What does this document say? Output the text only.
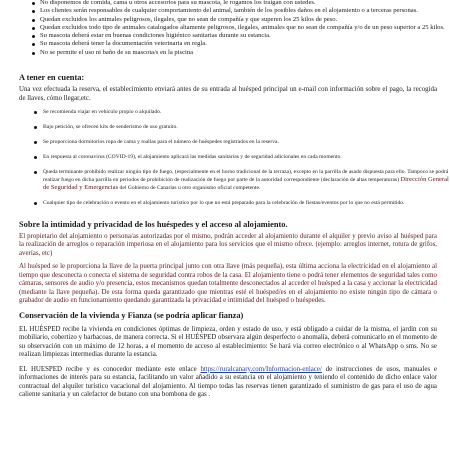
No disponemos de comida, cama u otros accesorios para su mascota, le rogamos los traigan con ustedes.
Los clientes serán responsables de cualquier comportamiento del animal, también de los posibles daños en el alojamiento o a terceras personas.
Quedan excluidos los animales peligrosos, ilegales, que no sean de compañía y que superen los 25 kilos de peso.
Quedan excluidos todo tipo de animales catalogados altamente peligrosos, ilegales, animales que no sean de compañía y/o de un peso superior a 25 kilos.
Su mascota deberá estar en buenas condiciones higiénico sanitarias durante su estancia.
Su mascota deberá tener la documentación veterinaria en regla.
No se permite el uso ni baño de su mascota/s en la piscina
A tener en cuenta:

Una vez efectuada la reserva, el establecimiento enviará antes de su entrada al huésped principal un e-mail con información sobre el pago, la recogida de llaves, cómo llegar,etc.

Se recomienda viajar en vehículo propio o alquilado.
Bajo petición, se ofrecen kits de senderismo de uso gratuito.
Se proporciona dormitorios ropa de cama y toallas para el número de huéspedes registrados en la reserva.
En respuesta al coronavirus (COVID-19), el alojamiento aplicará las medidas sanitarias y de seguridad adicionales en cada momento.
Queda terminante prohibido realizar ningún tipo de fuego, (especialmente en el horno tradicional de la terraza), excepto en la parrilla de asado dispuesta para ello. Tampoco se podrá realizar fuego en dicha parrilla en periodos de prohibición de realización de fuego por parte de la autoridad correspondiente (declaración de altas temperaturas) Dirección General de Seguridad y Emergencias del Gobierno de Canarias u otro organismo oficial competente.
Cualquier tipo de celebración o evento en el alojamiento turístico por lo que no está preparado para la celebración de fiestas/eventos por lo que no está permitido.
Sobre la intimidad y privacidad de los huéspedes y el acceso al alojamiento.

El propietario del alojamiento o persona/as autorizadas por el mismo, podrán acceder al alojamiento durante el alquiler y previo aviso al huésped para la realización de arreglos o reparación imperiosa en el alojamiento para los servicios que el mismo ofrece. (ejemplo: arreglos internet, rotura de grifos, averías, etc)

Al huésped se le proporciona la llave de la puerta principal junto con otra llave (más pequeña), esta última acciona la electricidad en el alojamiento al tiempo que desconecta o conecta el sistema de seguridad contra robos de la casa. El alojamiento tiene o podrá tener elementos de seguridad tales como cámaras, sensores de audio y/o presencia, estos mecanismos quedan totalmente desconectados al acceder el huésped a la casa y accionar la electricidad (mediante la llave pequeña). De esta forma queda garantizado que mientras esté el huésped/es en el alojamiento no existe ningún tipo de cámara o grabador de audio en funcionamiento quedando garantizada la privacidad e intimidad del huésped o huéspedes.

Conservación de la vivienda y Fianza (se podría aplicar fianza)

EL HUÉSPED recibe la vivienda en condiciones óptimas de limpieza, orden y estado de uso, y está obligado a cuidar de la misma, el jardín con su mobiliario, cobertizo y barbacoas, de manera correcta. Si el HUÉSPED observara algún desperfecto o anomalía, deberá comunicarlo en el momento de su observación con un máximo de 12 horas, a el momento de acceso al establecimiento: Se hará via correo electrónico o al WhatsApp o sms. No se realizan limpiezas intermedias durante la estancia.

EL HUESPED recibe y es conocedor mediante este enlace https://ruralcanary.com/Informacion-enlace/ de instrucciones de usos, manuales e informaciones de interés para su estancia, facilitando un valor añadido a su estancia en el alojamiento y teniendo el contenido de dicho enlace valor contractual del alquiler turístico vacacional del alojamiento. Al tiempo todas las reservas tienen garantizado el suministro de gas para el uso de agua caliente sanitaria y un calefactor de butano con una bombona de gas .
